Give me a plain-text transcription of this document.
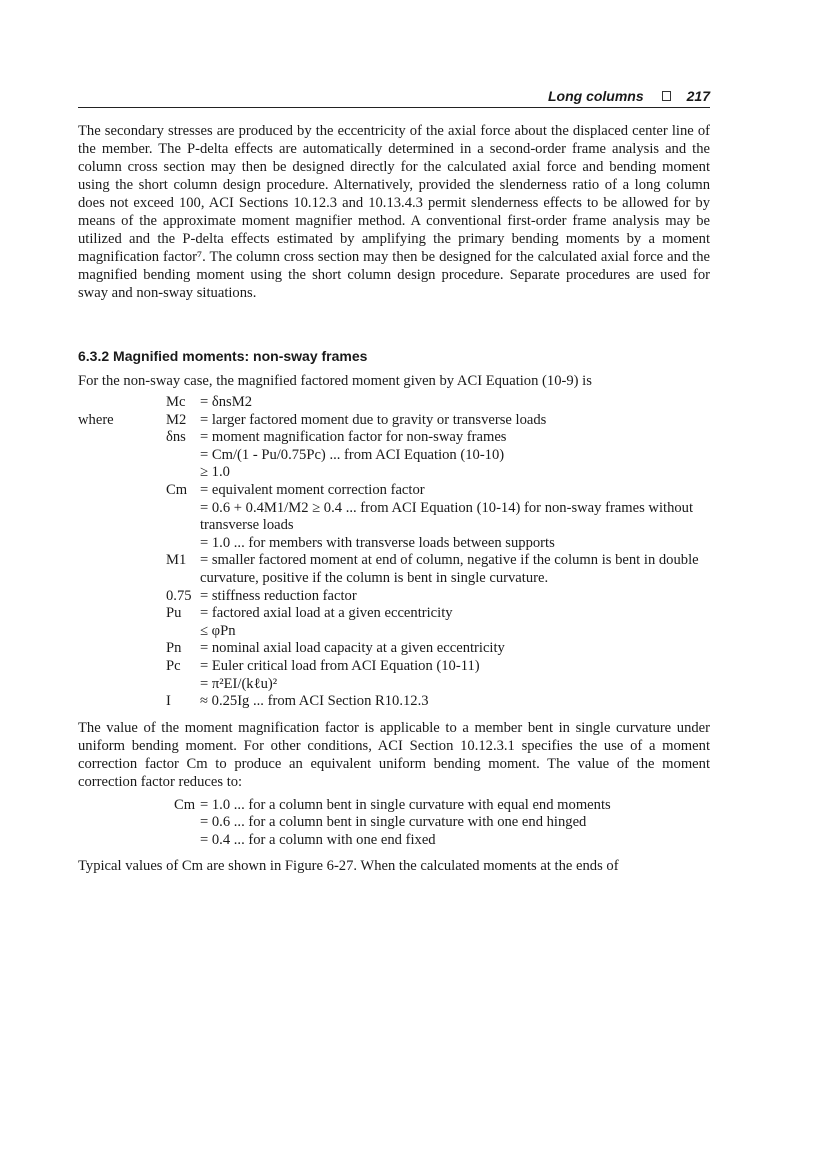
Long columns	217

The secondary stresses are produced by the eccentricity of the axial force about the displaced center line of the member. The P-delta effects are automatically determined in a second-order frame analysis and the column cross section may then be designed directly for the calculated axial force and bending moment using the short column design procedure. Alternatively, provided the slenderness ratio of a long column does not exceed 100, ACI Sections 10.12.3 and 10.13.4.3 permit slenderness effects to be allowed for by means of the approximate moment magnifier method. A conventional first-order frame analysis may be utilized and the P-delta effects estimated by amplifying the primary bending moments by a moment magnification factor⁷. The column cross section may then be designed for the calculated axial force and the magnified bending moment using the short column design procedure. Separate procedures are used for sway and non-sway situations.

6.3.2 Magnified moments: non-sway frames

For the non-sway case, the magnified factored moment given by ACI Equation (10-9) is

Mc = δnsM2
where	M2 = larger factored moment due to gravity or transverse loads
δns = moment magnification factor for non-sway frames
= Cm/(1 - Pu/0.75Pc) ... from ACI Equation (10-10)
≥ 1.0
Cm = equivalent moment correction factor
= 0.6 + 0.4M1/M2 ≥ 0.4 ... from ACI Equation (10-14) for non-sway frames without transverse loads
= 1.0 ... for members with transverse loads between supports
M1 = smaller factored moment at end of column, negative if the column is bent in double curvature, positive if the column is bent in single curvature.
0.75 = stiffness reduction factor
Pu	= factored axial load at a given eccentricity
≤ φPn
Pn	= nominal axial load capacity at a given eccentricity
Pc	= Euler critical load from ACI Equation (10-11)
= π²EI/(kℓu)²
I	≈ 0.25Ig ... from ACI Section R10.12.3

The value of the moment magnification factor is applicable to a member bent in single curvature under uniform bending moment. For other conditions, ACI Section 10.12.3.1 specifies the use of a moment correction factor Cm to produce an equivalent uniform bending moment. The value of the moment correction factor reduces to:

Cm = 1.0 ... for a column bent in single curvature with equal end moments
= 0.6 ... for a column bent in single curvature with one end hinged
= 0.4 ... for a column with one end fixed

Typical values of Cm are shown in Figure 6-27. When the calculated moments at the ends of
